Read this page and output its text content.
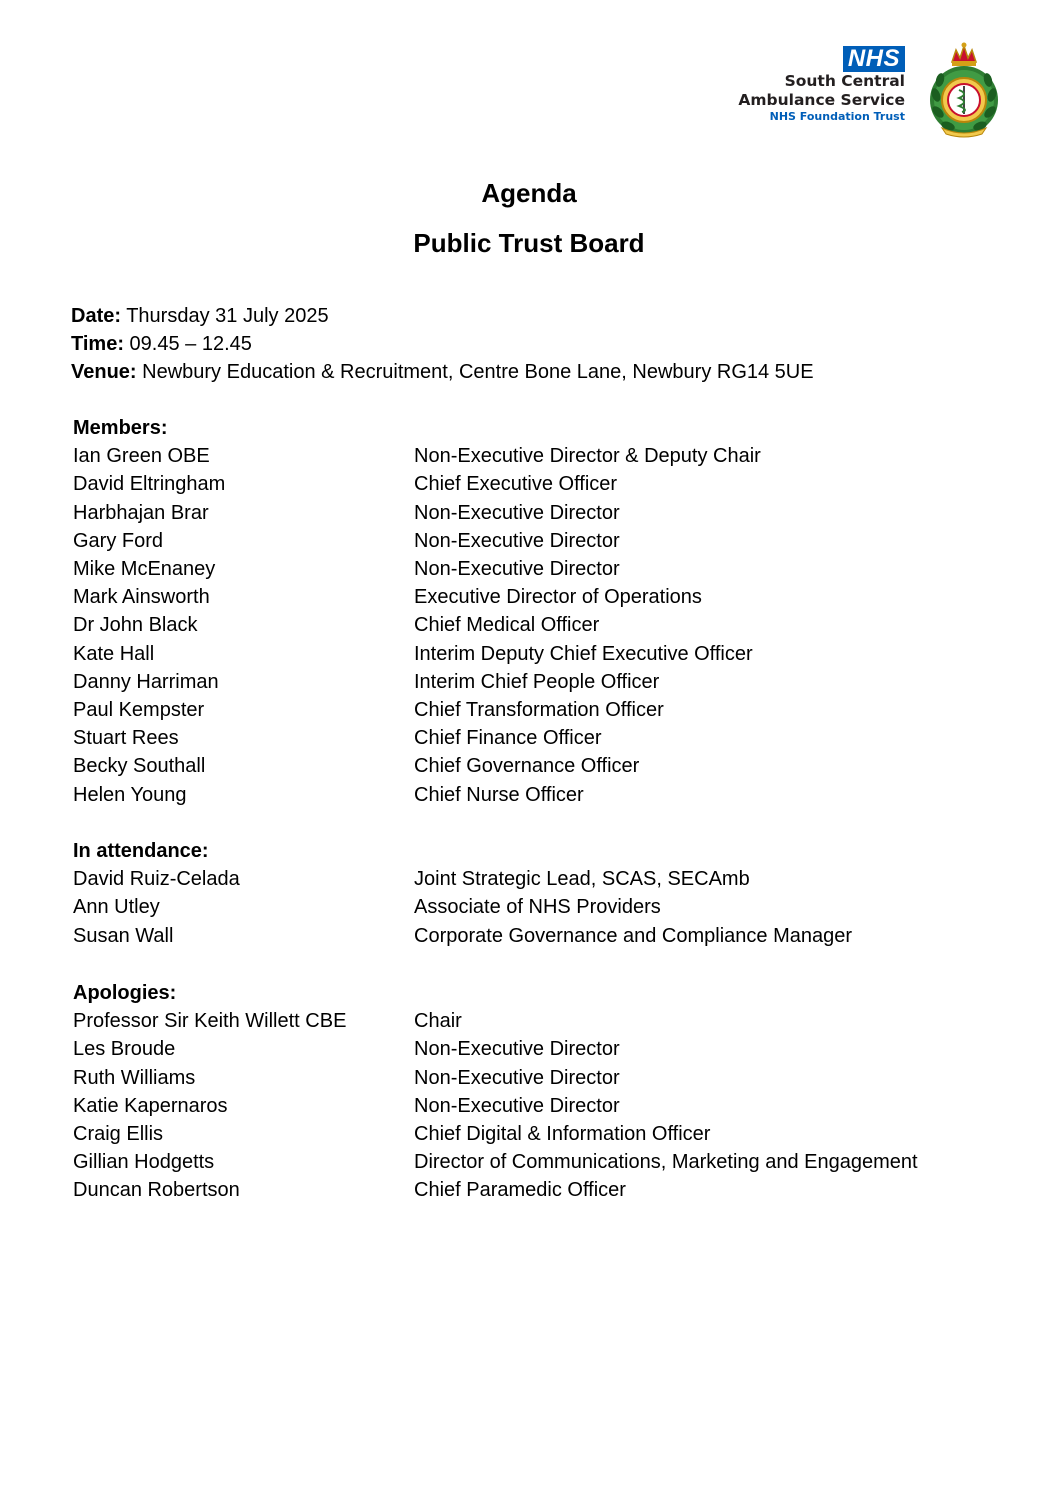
NHS
South Central
Ambulance Service
NHS Foundation Trust
Agenda
Public Trust Board

Date: Thursday 31 July 2025

Time: 09.45 – 12.45

Venue: Newbury Education & Recruitment, Centre Bone Lane, Newbury RG14 5UE

Members:

Ian Green OBE	Non-Executive Director & Deputy Chair
David Eltringham	Chief Executive Officer
Harbhajan Brar	Non-Executive Director
Gary Ford	Non-Executive Director
Mike McEnaney	Non-Executive Director
Mark Ainsworth	Executive Director of Operations
Dr John Black	Chief Medical Officer
Kate Hall	Interim Deputy Chief Executive Officer
Danny Harriman	Interim Chief People Officer
Paul Kempster	Chief Transformation Officer
Stuart Rees	Chief Finance Officer
Becky Southall	Chief Governance Officer
Helen Young	Chief Nurse Officer

In attendance:

David Ruiz-Celada	Joint Strategic Lead, SCAS, SECAmb
Ann Utley	Associate of NHS Providers
Susan Wall	Corporate Governance and Compliance Manager

Apologies:

Professor Sir Keith Willett CBE	Chair
Les Broude	Non-Executive Director
Ruth Williams	Non-Executive Director
Katie Kapernaros	Non-Executive Director
Craig Ellis	Chief Digital & Information Officer
Gillian Hodgetts	Director of Communications, Marketing and Engagement
Duncan Robertson	Chief Paramedic Officer
